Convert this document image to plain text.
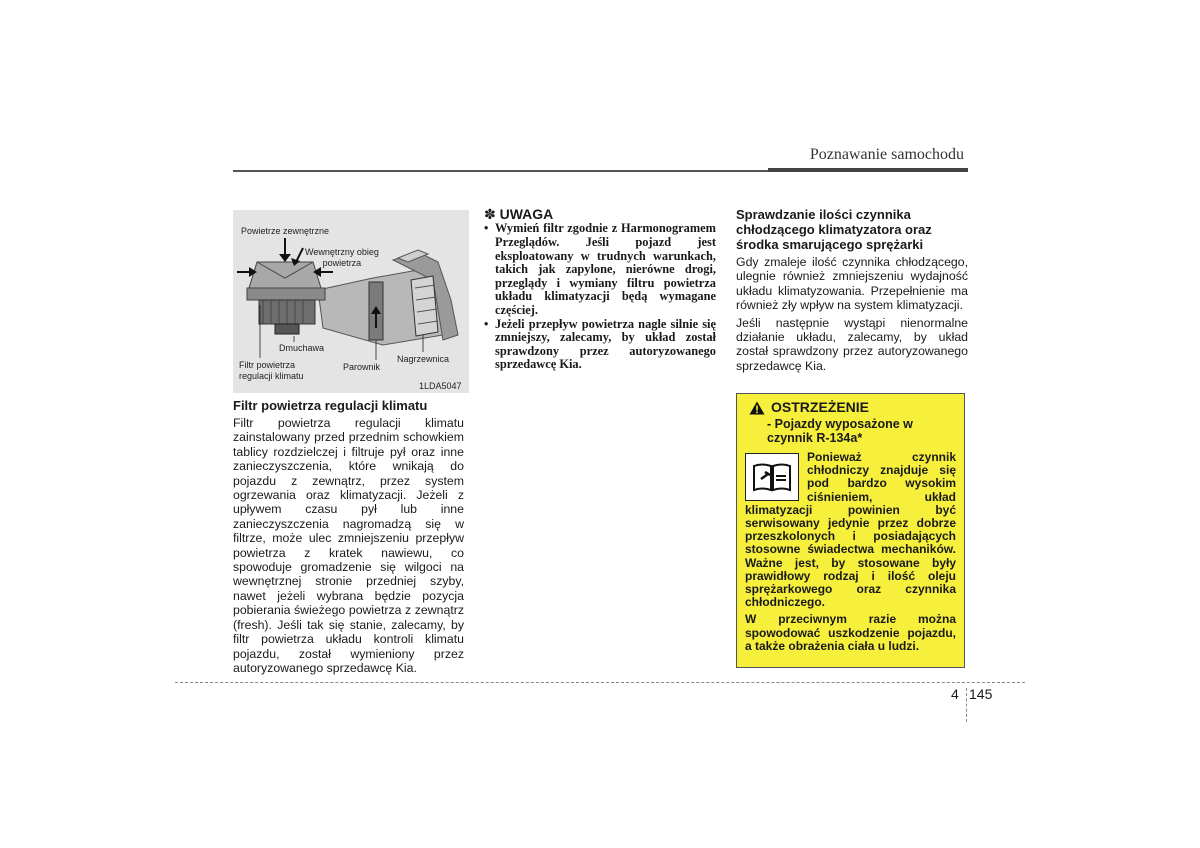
Poznawanie samochodu
Powietrze zewnętrzne
Wewnętrzny obieg
powietrza
Dmuchawa
Filtr powietrza
regulacji klimatu
Parownik
Nagrzewnica
1LDA5047
Filtr powietrza regulacji klimatu

Filtr powietrza regulacji klimatu zainstalowany przed przednim schowkiem tablicy rozdzielczej i filtruje pył oraz inne zanieczyszczenia, które wnikają do pojazdu z zewnątrz, przez system ogrzewania oraz klimatyzacji. Jeżeli z upływem czasu pył lub inne zanieczyszczenia nagromadzą się w filtrze, może ulec zmniejszeniu przepływ powietrza z kratek nawiewu, co spowoduje gromadzenie się wilgoci na wewnętrznej stronie przedniej szyby, nawet jeżeli wybrana będzie pozycja pobierania świeżego powietrza z zewnątrz (fresh). Jeśli tak się stanie, zalecamy, by filtr powietrza układu kontroli klimatu pojazdu, został wymieniony przez autoryzowanego sprzedawcę Kia.

✽ UWAGA
• Wymień filtr zgodnie z Harmonogramem Przeglądów. Jeśli pojazd jest eksploatowany w trudnych warunkach, takich jak zapylone, nierówne drogi, przeglądy i wymiany filtru powietrza układu klimatyzacji będą wymagane częściej.
• Jeżeli przepływ powietrza nagle silnie się zmniejszy, zalecamy, by układ został sprawdzony przez autoryzowanego sprzedawcę Kia.
Sprawdzanie ilości czynnika chłodzącego klimatyzatora oraz środka smarującego sprężarki

Gdy zmaleje ilość czynnika chłodzącego, ulegnie również zmniejszeniu wydajność układu klimatyzowania. Przepełnienie ma również zły wpływ na system klimatyzacji.

Jeśli następnie wystąpi nienormalne działanie układu, zalecamy, by układ został sprawdzony przez autoryzowanego sprzedawcę Kia.

OSTRZEŻENIE
- Pojazdy wyposażone w czynnik R-134a*

Ponieważ czynnik chłodniczy znajduje się pod bardzo wysokim ciśnieniem, układ klimatyzacji powinien być serwisowany jedynie przez dobrze przeszkolonych i posiadających stosowne świadectwa mechaników. Ważne jest, by stosowane były prawidłowy rodzaj i ilość oleju sprężarkowego oraz czynnika chłodniczego.

W przeciwnym razie można spowodować uszkodzenie pojazdu, a także obrażenia ciała u ludzi.

4 145
